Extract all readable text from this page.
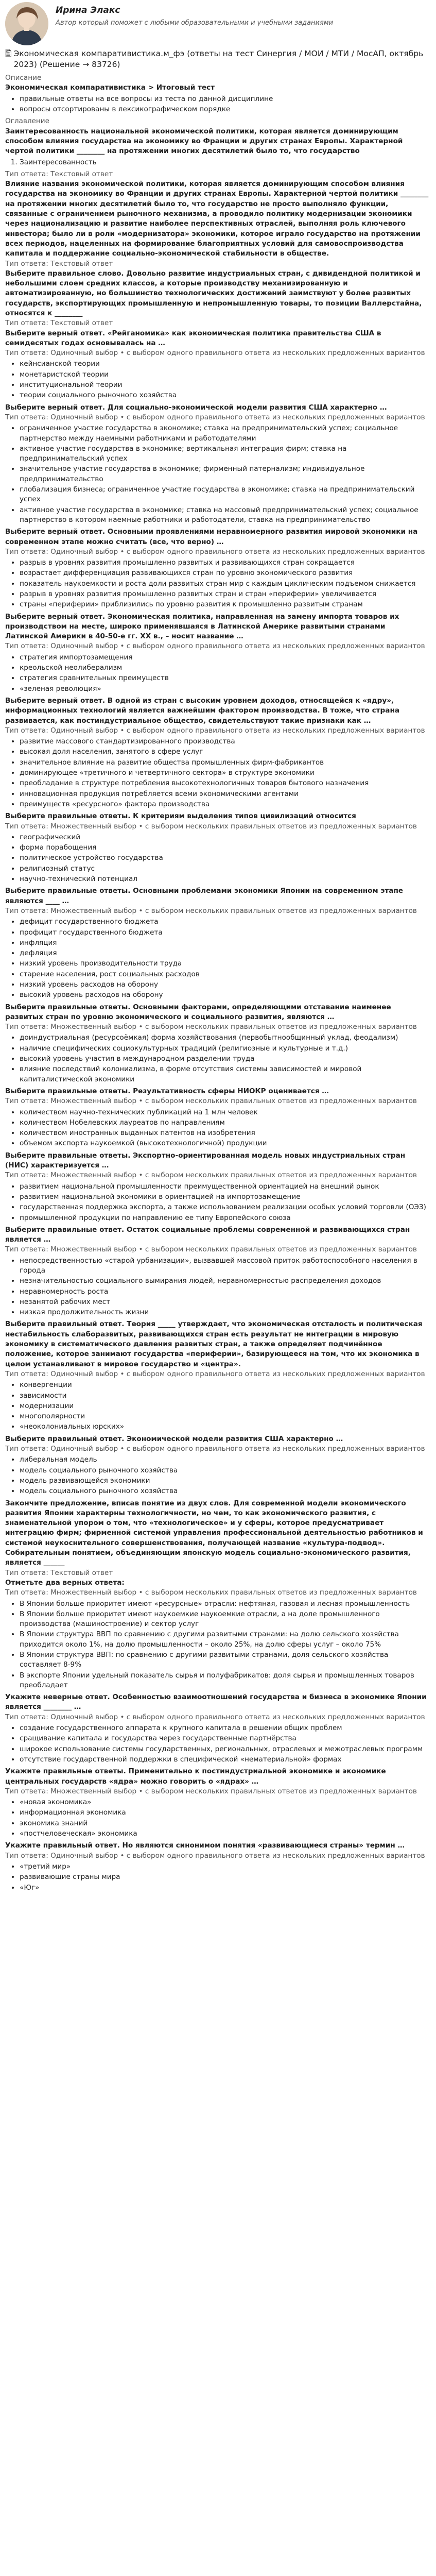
Ирина Элакс
Автор который поможет с любыми образовательными и учебными заданиями
🖺 Экономическая компаративистика.м_фэ (ответы на тест Синергия / МОИ / МТИ / МосАП, октябрь 2023) (Решение → 83726)
Описание
Экономическая компаративистика > Итоговый тест
• правильные ответы на все вопросы из теста по данной дисциплине
• вопросы отсортированы в лексикографическом порядке
Оглавление
Заинтересованность национальной экономической политики, которая является доминирующим способом влияния государства на экономику во Франции и других странах Европы. Характерной чертой политики ________ на протяжении многих десятилетий было то, что государство
1. Заинтересованность
Тип ответа: Текстовый ответ
Влияние названия экономической политики, которая является доминирующим способом влияния государства на экономику во Франции и других странах Европы. Характерной чертой политики ________ на протяжении многих десятилетий было то, что государство не просто выполняло функции, связанные с ограничением рыночного механизма, а проводило политику модернизации экономики через национализацию и развитие наиболее перспективных отраслей, выполняя роль ключевого инвестора; было ли в роли «модернизатора» экономики, которое играло государство на протяжении всех периодов, нацеленных на формирование благоприятных условий для самовоспроизводства капитала и поддержание социально-экономической стабильности в обществе.
Тип ответа: Текстовый ответ
Выберите правильное слово. Довольно развитие индустриальных стран, с дивидендной политикой и небольшими слоем средних классов, а которые производству механизированную и автоматизированную, но большинство технологических достижений заимствуют у более развитых государств, экспортирующих промышленную и непромышленную товары, то позиции Валлерстайна, относятся к ________
Тип ответа: Текстовый ответ
Выберите верный ответ. «Рейганомика» как экономическая политика правительства США в семидесятых годах основывалась на …
Тип ответа: Одиночный выбор • с выбором одного правильного ответа из нескольких предложенных вариантов
• кейнсианской теории
• монетаристской теории
• институциональной теории
• теории социального рыночного хозяйства
Выберите верный ответ. Для социально-экономической модели развития США характерно …
Тип ответа: Одиночный выбор • с выбором одного правильного ответа из нескольких предложенных вариантов
• ограниченное участие государства в экономике; ставка на предпринимательский успех; социальное партнерство между наемными работниками и работодателями
• активное участие государства в экономике; вертикальная интеграция фирм; ставка на предпринимательский успех
• значительное участие государства в экономике; фирменный патернализм; индивидуальное предпринимательство
• глобализация бизнеса; ограниченное участие государства в экономике; ставка на предпринимательский успех
• активное участие государства в экономике; ставка на массовый предпринимательский успех; социальное партнерство в котором наемные работники и работодатели, ставка на предпринимательство
Выберите верный ответ. Основными проявлениями неравномерного развития мировой экономики на современном этапе можно считать (все, что верно) …
Тип ответа: Одиночный выбор • с выбором одного правильного ответа из нескольких предложенных вариантов
• разрыв в уровнях развития промышленно развитых и развивающихся стран сокращается
• возрастает дифференциация развивающихся стран по уровню экономического развития
• показатель наукоемкости и роста доли развитых стран мир с каждым циклическим подъемом снижается
• разрыв в уровнях развития промышленно развитых стран и стран «периферии» увеличивается
• страны «периферии» приблизились по уровню развития к промышленно развитым странам
Выберите верный ответ. Экономическая политика, направленная на замену импорта товаров их производством на месте, широко применявшаяся в Латинской Америке развитыми странами Латинской Америки в 40-50-е гг. XX в., – носит название …
Тип ответа: Одиночный выбор • с выбором одного правильного ответа из нескольких предложенных вариантов
• стратегия импортозамещения
• креольской неолиберализм
• стратегия сравнительных преимуществ
• «зеленая революция»
Выберите верный ответ. В одной из стран с высоким уровнем доходов, относящейся к «ядру», информационных технологий является важнейшим фактором производства. В тоже, что страна развивается, как постиндустриальное общество, свидетельствуют такие признаки как …
Тип ответа: Одиночный выбор • с выбором одного правильного ответа из нескольких предложенных вариантов
• развитие массового стандартизированного производства
• высокая доля населения, занятого в сфере услуг
• значительное влияние на развитие общества промышленных фирм-фабрикантов
• доминирующее «третичного и четвертичного сектора» в структуре экономики
• преобладание в структуре потребления высокотехнологичных товаров бытового назначения
• инновационная продукция потребляется всеми экономическими агентами
• преимуществ «ресурсного» фактора производства
Выберите правильные ответы. К критериям выделения типов цивилизаций относится
Тип ответа: Множественный выбор • с выбором нескольких правильных ответов из предложенных вариантов
• географический
• форма порабощения
• политическое устройство государства
• религиозный статус
• научно-технический потенциал
Выберите правильные ответы. Основными проблемами экономики Японии на современном этапе являются ____ …
Тип ответа: Множественный выбор • с выбором нескольких правильных ответов из предложенных вариантов
• дефицит государственного бюджета
• профицит государственного бюджета
• инфляция
• дефляция
• низкий уровень производительности труда
• старение населения, рост социальных расходов
• низкий уровень расходов на оборону
• высокий уровень расходов на оборону
Выберите правильные ответы. Основными факторами, определяющими отставание наименее развитых стран по уровню экономического и социального развития, являются …
Тип ответа: Множественный выбор • с выбором нескольких правильных ответов из предложенных вариантов
• доиндустриальная (ресурсоёмкая) форма хозяйствования (первобытнообщинный уклад, феодализм)
• наличие специфических социокультурных традиций (религиозные и культурные и т.д.)
• высокий уровень участия в международном разделении труда
• влияние последствий колониализма, в форме отсутствия системы зависимостей и мировой капиталистической экономики
Выберите правильные ответы. Результативность сферы НИОКР оценивается …
Тип ответа: Множественный выбор • с выбором нескольких правильных ответов из предложенных вариантов
• количеством научно-технических публикаций на 1 млн человек
• количеством Нобелевских лауреатов по направлениям
• количеством иностранных выданных патентов на изобретения
• объемом экспорта наукоемкой (высокотехнологичной) продукции
Выберите правильные ответы. Экспортно-ориентированная модель новых индустриальных стран (НИС) характеризуется …
Тип ответа: Множественный выбор • с выбором нескольких правильных ответов из предложенных вариантов
• развитием национальной промышленности преимущественной ориентацией на внешний рынок
• развитием национальной экономики в ориентацией на импортозамещение
• государственная поддержка экспорта, а также использованием реализации особых условий торговли (ОЭЗ)
• промышленной продукции по направлению ее типу Европейского союза
Выберите правильные ответ. Остаток социальные проблемы современной и развивающихся стран является …
Тип ответа: Множественный выбор • с выбором нескольких правильных ответов из предложенных вариантов
• непосредственностью «старой урбанизации», вызвавшей массовой приток работоспособного населения в города
• незначительностью социального вымирания людей, неравномерностью распределения доходов
• неравномерность роста
• незанятой рабочих мест
• низкая продолжительность жизни
Выберите правильный ответ. Теория _____ утверждает, что экономическая отсталость и политическая нестабильность слаборазвитых, развивающихся стран есть результат не интеграции в мировую экономику в систематического давления развитых стран, а также определяет подчинённое положение, которое занимают государства «периферии», базирующееся на том, что их экономика в целом устанавливают в мировое государство и «центра».
Тип ответа: Одиночный выбор • с выбором одного правильного ответа из нескольких предложенных вариантов
• конвергенции
• зависимости
• модернизации
• многополярности
• «неоколониальных юрских»
Выберите правильный ответ. Экономической модели развития США характерно …
Тип ответа: Одиночный выбор • с выбором одного правильного ответа из нескольких предложенных вариантов
• либеральная модель
• модель социального рыночного хозяйства
• модель развивающейся экономики
• модель социального рыночного хозяйства
Закончите предложение, вписав понятие из двух слов. Для современной модели экономического развития Японии характерны технологичности, но чем, то как экономического развития, с знаменательной упором о том, что «технологическое» и у сферы, которое предусматривает интеграцию фирм; фирменной системой управления профессиональной деятельностью работников и системой неукоснительного совершенствования, получающей название «культура-подвод». Собирательным понятием, объединяющим японскую модель социально-экономического развития, является ______
Тип ответа: Текстовый ответ
Отметьте два верных ответа:
Тип ответа: Множественный выбор • с выбором нескольких правильных ответов из предложенных вариантов
• В Японии больше приоритет имеют «ресурсные» отрасли: нефтяная, газовая и лесная промышленность
• В Японии больше приоритет имеют наукоемкие наукоемкие отрасли, а на доле промышленного производства (машиностроение) и сектор услуг
• В Японии структура ВВП по сравнению с другими развитыми странами: на долю сельского хозяйства приходится около 1%, на долю промышленности – около 25%, на долю сферы услуг – около 75%
• В Японии структура ВВП: по сравнению с другими развитыми странами, доля сельского хозяйства составляет 8-9%
• В экспорте Японии удельный показатель сырья и полуфабрикатов: доля сырья и промышленных товаров преобладает
Укажите неверные ответ. Особенностью взаимоотношений государства и бизнеса в экономике Японии является ________ …
Тип ответа: Одиночный выбор • с выбором одного правильного ответа из нескольких предложенных вариантов
• создание государственного аппарата к крупного капитала в решении общих проблем
• сращивание капитала и государства через государственные партнёрства
• широкое использование системы государственных, региональных, отраслевых и межотраслевых программ
• отсутствие государственной поддержки в специфической «нематериальной» формах
Укажите правильные ответы. Применительно к постиндустриальной экономике и экономике центральных государств «ядра» можно говорить о «ядрах» …
Тип ответа: Множественный выбор • с выбором нескольких правильных ответов из предложенных вариантов
• «новая экономика»
• информационная экономика
• экономика знаний
• «постчеловеческая» экономика
Укажите правильный ответ. Но являются синонимом понятия «развивающиеся страны» термин …
Тип ответа: Одиночный выбор • с выбором одного правильного ответа из нескольких предложенных вариантов
• «третий мир»
• развивающие страны мира
• «Юг»
